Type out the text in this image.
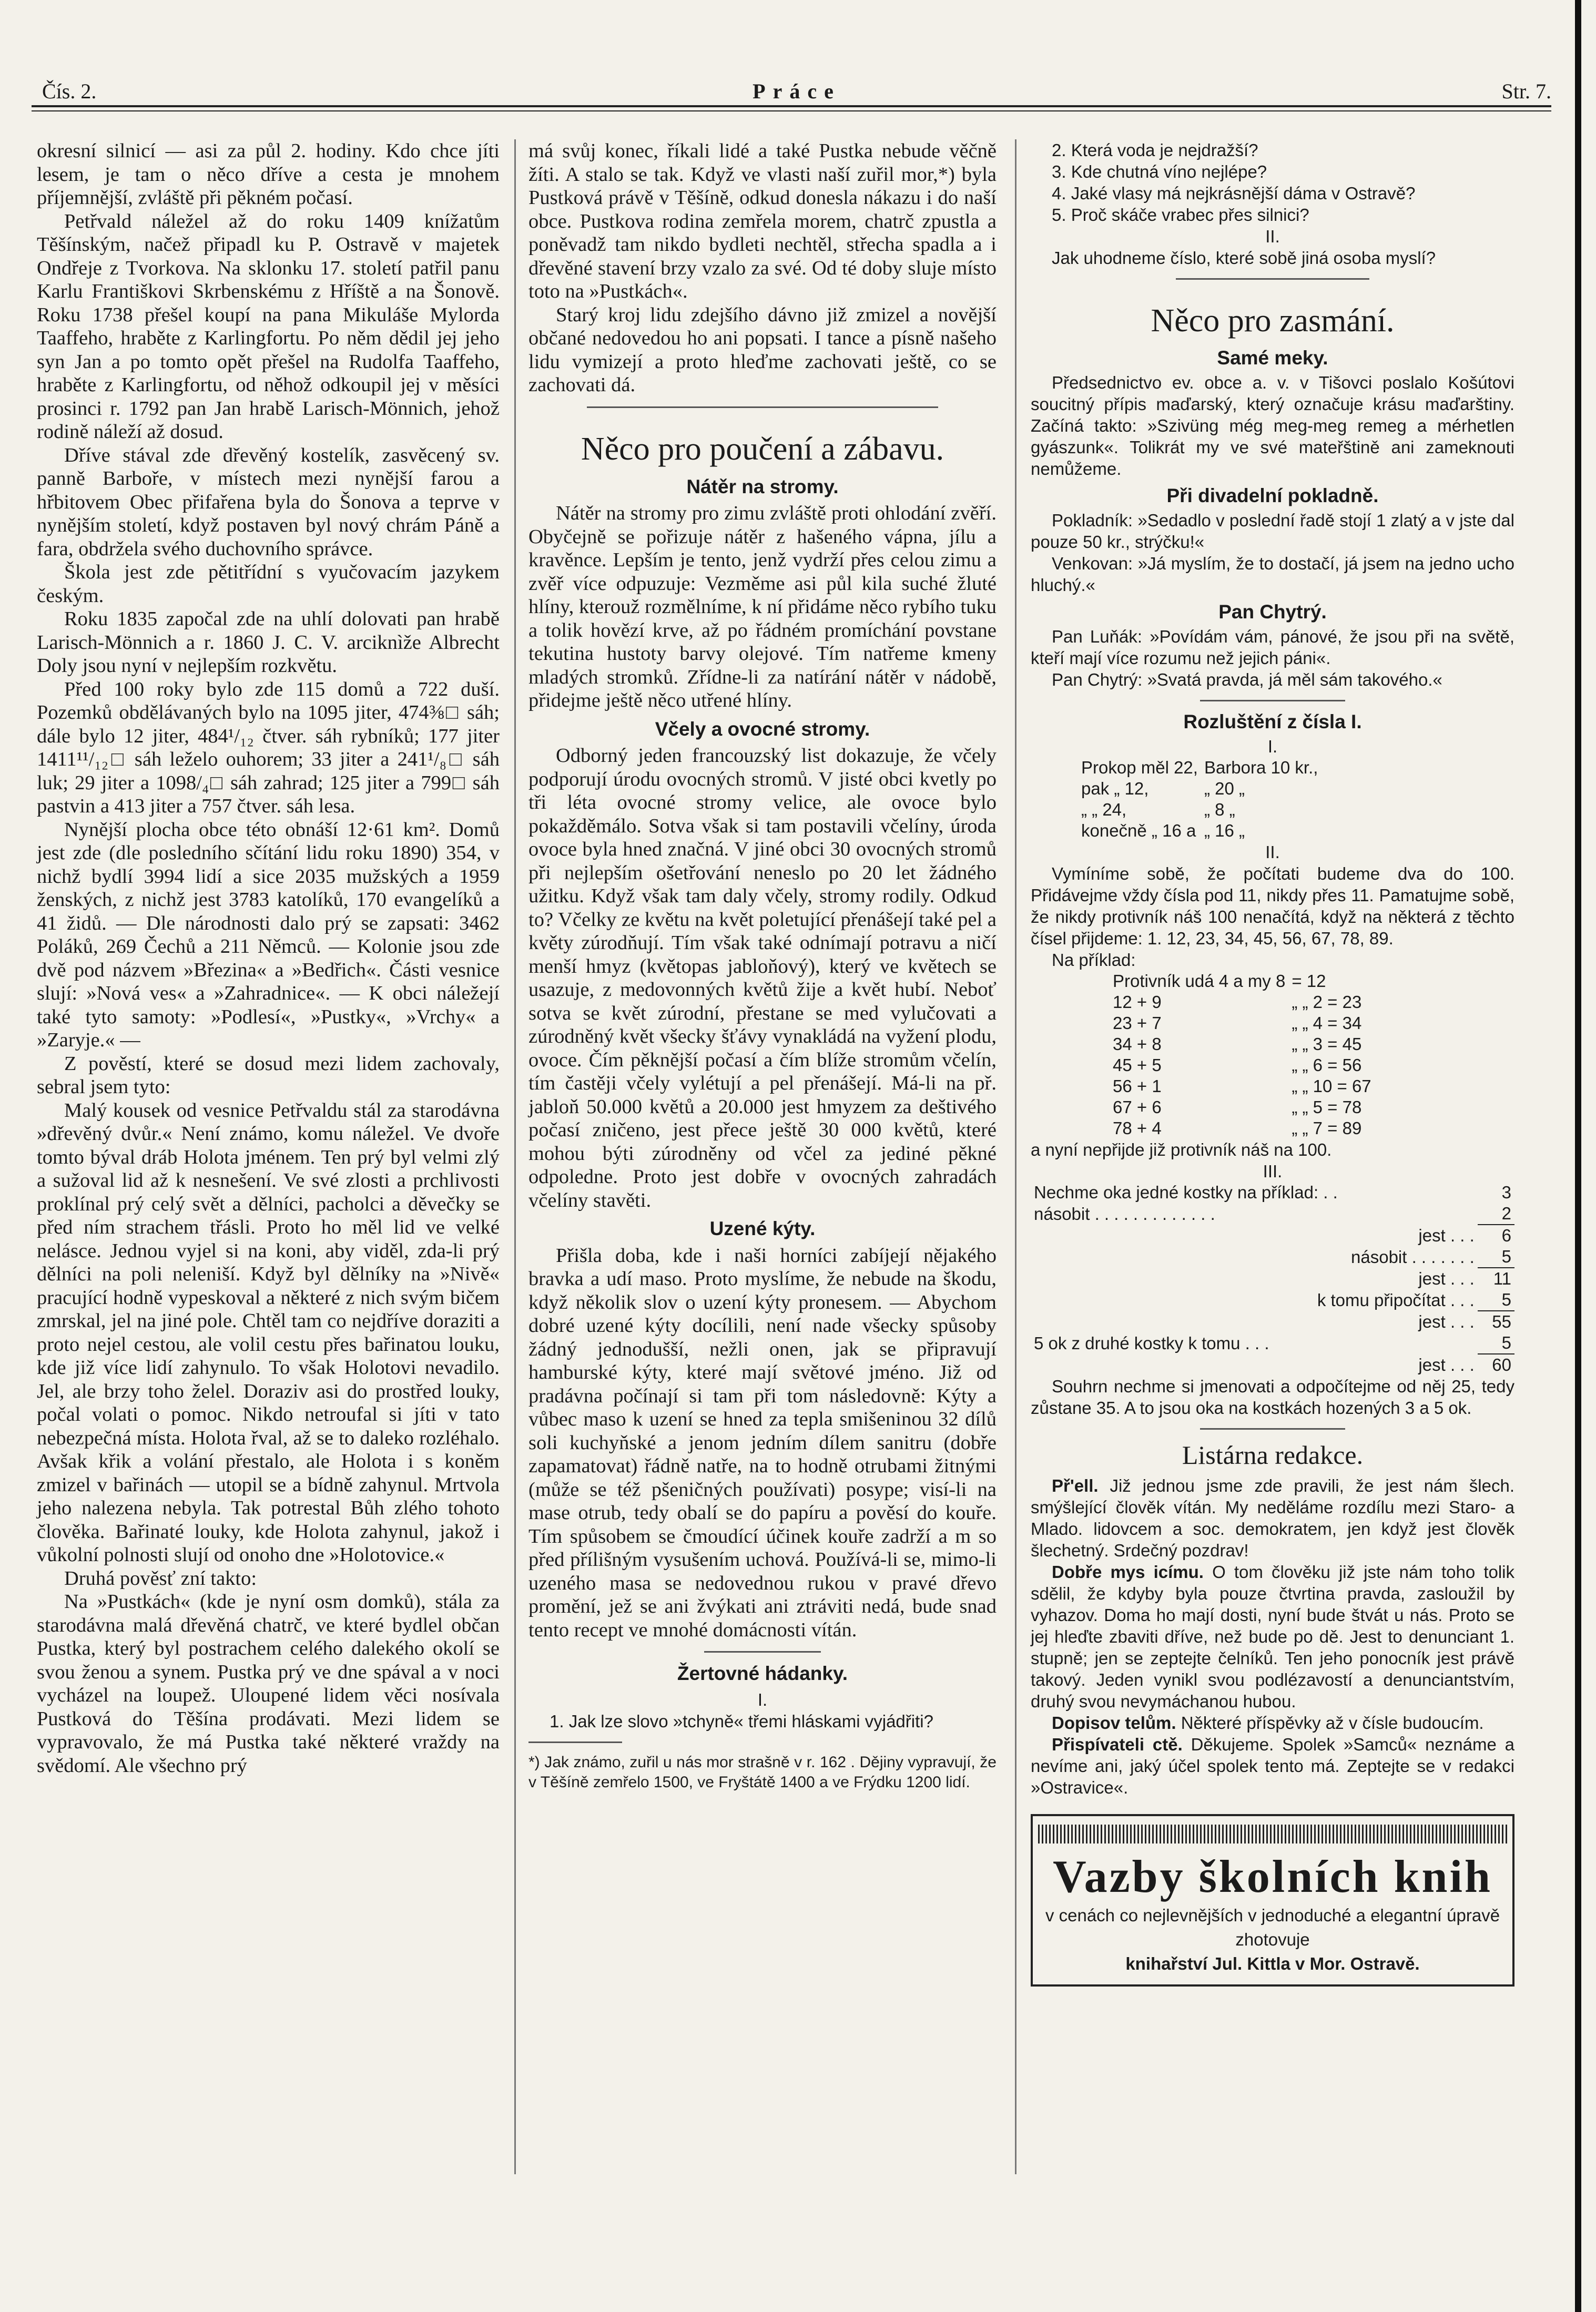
Čís. 2.	Práce	Str. 7.

okresní silnicí — asi za půl 2. hodiny. Kdo chce jíti lesem, je tam o něco dříve a cesta je mnohem příjemnější, zvláště při pěkném počasí.

Petřvald náležel až do roku 1409 knížatům Těšínským, načež připadl ku P. Ostravě v majetek Ondřeje z Tvorkova. Na sklonku 17. století patřil panu Karlu Františkovi Skrbenskému z Hříště a na Šonově. Roku 1738 přešel koupí na pana Mikuláše Mylorda Taaffeho, hraběte z Karlingfortu. Po něm dědil jej jeho syn Jan a po tomto opět přešel na Rudolfa Taaffeho, hraběte z Karlingfortu, od něhož odkoupil jej v měsíci prosinci r. 1792 pan Jan hrabě Larisch-Mönnich, jehož rodině náleží až dosud.

Dříve stával zde dřevěný kostelík, zasvěcený sv. panně Barboře, v místech mezi nynější farou a hřbitovem Obec přifařena byla do Šonova a teprve v nynějším století, když postaven byl nový chrám Páně a fara, obdržela svého duchovního správce.

Škola jest zde pětitřídní s vyučovacím jazykem českým.

Roku 1835 započal zde na uhlí dolovati pan hrabě Larisch-Mönnich a r. 1860 J. C. V. arciknìže Albrecht Doly jsou nyní v nejlepším rozkvětu.

Před 100 roky bylo zde 115 domů a 722 duší. Pozemků obdělávaných bylo na 1095 jiter, 474⅜□ sáh; dále bylo 12 jiter, 484¹/₁₂ čtver. sáh rybníků; 177 jiter 1411¹¹/₁₂□ sáh leželo ouhorem; 33 jiter a 241¹/₈□ sáh luk; 29 jiter a 1098/₄□ sáh zahrad; 125 jiter a 799□ sáh pastvin a 413 jiter a 757 čtver. sáh lesa.

Nynější plocha obce této obnáší 12·61 km². Domů jest zde (dle posledního sčítání lidu roku 1890) 354, v nichž bydlí 3994 lidí a sice 2035 mužských a 1959 ženských, z nichž jest 3783 katolíků, 170 evangelíků a 41 židů. — Dle národnosti dalo prý se zapsati: 3462 Poláků, 269 Čechů a 211 Němců. — Kolonie jsou zde dvě pod názvem »Březina« a »Bedřich«. Části vesnice slují: »Nová ves« a »Zahradnice«. — K obci náležejí také tyto samoty: »Podlesí«, »Pustky«, »Vrchy« a »Zaryje.« —

Z pověstí, které se dosud mezi lidem zachovaly, sebral jsem tyto:

Malý kousek od vesnice Petřvaldu stál za starodávna »dřevěný dvůr.« Není známo, komu náležel. Ve dvoře tomto býval dráb Holota jménem. Ten prý byl velmi zlý a sužoval lid až k nesnešení. Ve své zlosti a prchlivosti proklínal prý celý svět a dělníci, pacholci a děvečky se před ním strachem třásli. Proto ho měl lid ve velké nelásce. Jednou vyjel si na koni, aby viděl, zda-li prý dělníci na poli neleniší. Když byl dělníky na »Nivě« pracující hodně vypeskoval a některé z nich svým bičem zmrskal, jel na jiné pole. Chtěl tam co nejdříve doraziti a proto nejel cestou, ale volil cestu přes bařinatou louku, kde již více lidí zahynulo. To však Holotovi nevadilo. Jel, ale brzy toho želel. Doraziv asi do prostřed louky, počal volati o pomoc. Nikdo netroufal si jíti v tato nebezpečná místa. Holota řval, až se to daleko rozléhalo. Avšak křik a volání přestalo, ale Holota i s koněm zmizel v bařinách — utopil se a bídně zahynul. Mrtvola jeho nalezena nebyla. Tak potrestal Bůh zlého tohoto člověka. Bařinaté louky, kde Holota zahynul, jakož i vůkolní polnosti slují od onoho dne »Holotovice.«

Druhá pověsť zní takto:

Na »Pustkách« (kde je nyní osm domků), stála za starodávna malá dřevěná chatrč, ve které bydlel občan Pustka, který byl postrachem celého dalekého okolí se svou ženou a synem. Pustka prý ve dne spával a v noci vycházel na loupež. Uloupené lidem věci nosívala Pustková do Těšína prodávati. Mezi lidem se vypravovalo, že má Pustka také některé vraždy na svědomí. Ale všechno prý

má svůj konec, říkali lidé a také Pustka nebude věčně žíti. A stalo se tak. Když ve vlasti naší zuřil mor,*) byla Pustková právě v Těšíně, odkud donesla nákazu i do naší obce. Pustkova rodina zemřela morem, chatrč zpustla a poněvadž tam nikdo bydleti nechtěl, střecha spadla a i dřevěné stavení brzy vzalo za své. Od té doby sluje místo toto na »Pustkách«.

Starý kroj lidu zdejšího dávno již zmizel a novější občané nedovedou ho ani popsati. I tance a písně našeho lidu vymizejí a proto hleďme zachovati ještě, co se zachovati dá.

Něco pro poučení a zábavu.
Nátěr na stromy.

Nátěr na stromy pro zimu zvláště proti ohlodání zvěří. Obyčejně se pořizuje nátěr z hašeného vápna, jílu a kravěnce. Lepším je tento, jenž vydrží přes celou zimu a zvěř více odpuzuje: Vezměme asi půl kila suché žluté hlíny, kterouž rozmělníme, k ní přidáme něco rybího tuku a tolik hovězí krve, až po řádném promíchání povstane tekutina hustoty barvy olejové. Tím natřeme kmeny mladých stromků. Zřídne-li za natírání nátěr v nádobě, přidejme ještě něco utřené hlíny.

Včely a ovocné stromy.

Odborný jeden francouzský list dokazuje, že včely podporují úrodu ovocných stromů. V jisté obci kvetly po tři léta ovocné stromy velice, ale ovoce bylo pokažděmálo. Sotva však si tam postavili včelíny, úroda ovoce byla hned značná. V jiné obci 30 ovocných stromů při nejlepším ošetřování neneslo po 20 let žádného užitku. Když však tam daly včely, stromy rodily. Odkud to? Včelky ze květu na květ poletující přenášejí také pel a květy zúrodňují. Tím však také odnímají potravu a ničí menší hmyz (květopas jabloňový), který ve květech se usazuje, z medovonných květů žije a květ hubí. Neboť sotva se květ zúrodní, přestane se med vylučovati a zúrodněný květ všecky šťávy vynakládá na vyžení plodu, ovoce. Čím pěknější počasí a čím blíže stromům včelín, tím častěji včely vylétují a pel přenášejí. Má-li na př. jabloň 50.000 květů a 20.000 jest hmyzem za deštivého počasí zničeno, jest přece ještě 30 000 květů, které mohou býti zúrodněny od včel za jediné pěkné odpoledne. Proto jest dobře v ovocných zahradách včelíny stavěti.

Uzené kýty.

Přišla doba, kde i naši horníci zabíjejí nějakého bravka a udí maso. Proto myslíme, že nebude na škodu, když několik slov o uzení kýty pronesem. — Abychom dobré uzené kýty docílili, není nade všecky spůsoby žádný jednodušší, nežli onen, jak se připravují hamburské kýty, které mají světové jméno. Již od pradávna počínají si tam při tom následovně: Kýty a vůbec maso k uzení se hned za tepla smišeninou 32 dílů soli kuchyňské a jenom jedním dílem sanitru (dobře zapamatovat) řádně natře, na to hodně otrubami žitnými (může se též pšeničných používati) posype; visí-li na mase otrub, tedy obalí se do papíru a pověsí do kouře. Tím spůsobem se čmoudící účinek kouře zadrží a m so před přílišným vysušením uchová. Používá-li se, mimo-li uzeného masa se nedovednou rukou v pravé dřevo promění, jež se ani žvýkati ani ztráviti nedá, bude snad tento recept ve mnohé domácnosti vítán.

Žertovné hádanky.

I.

1. Jak lze slovo »tchyně« třemi hláskami vyjádřiti?

*) Jak známo, zuřil u nás mor strašně v r. 162 . Dějiny vypravují, že v Těšíně zemřelo 1500, ve Fryštátě 1400 a ve Frýdku 1200 lidí.

2. Která voda je nejdražší?

3. Kde chutná víno nejlépe?

4. Jaké vlasy má nejkrásnější dáma v Ostravě?

5. Proč skáče vrabec přes silnici?

II.

Jak uhodneme číslo, které sobě jiná osoba myslí?

Něco pro zasmání.
Samé meky.

Předsednictvo ev. obce a. v. v Tišovci poslalo Košútovi soucitný přípis maďarský, který označuje krásu maďarštiny. Začíná takto: »Szivüng még meg-meg remeg a mérhetlen gyászunk«. Tolikrát my ve své mateřštině ani zameknouti nemůžeme.

Při divadelní pokladně.

Pokladník: »Sedadlo v poslední řadě stojí 1 zlatý a v jste dal pouze 50 kr., strýčku!«

Venkovan: »Já myslím, že to dostačí, já jsem na jedno ucho hluchý.«

Pan Chytrý.

Pan Luňák: »Povídám vám, pánové, že jsou při na světě, kteří mají více rozumu než jejich páni«.

Pan Chytrý: »Svatá pravda, já měl sám takového.«

Rozluštění z čísla I.

I.

Prokop měl 22,	Barbora 10 kr.,
pak „ 12,	„ 20 „
„ „ 24,	„ 8 „
konečně „ 16 a	„ 16 „

II.

Vymíníme sobě, že počítati budeme dva do 100. Přidávejme vždy čísla pod 11, nikdy přes 11. Pamatujme sobě, že nikdy protivník náš 100 nenačítá, když na některá z těchto čísel přijdeme: 1. 12, 23, 34, 45, 56, 67, 78, 89.

Na příklad:

Protivník udá 4 a my 8	= 12
12 + 9	„ „ 2 = 23
23 + 7	„ „ 4 = 34
34 + 8	„ „ 3 = 45
45 + 5	„ „ 6 = 56
56 + 1	„ „ 10 = 67
67 + 6	„ „ 5 = 78
78 + 4	„ „ 7 = 89

a nyní nepřijde již protivník náš na 100.

III.

Nechme oka jedné kostky na příklad: . .	3
násobit . . . . . . . . . . . . .	2
jest . . .	6
násobit . . . . . . .	5
jest . . .	11
k tomu připočítat . . .	5
jest . . .	55
5 ok z druhé kostky k tomu . . .	5
jest . . .	60

Souhrn nechme si jmenovati a odpočítejme od něj 25, tedy zůstane 35. A to jsou oka na kostkách hozených 3 a 5 ok.

Listárna redakce.

Př'ell. Již jednou jsme zde pravili, že jest nám šlech. smýšlející člověk vítán. My neděláme rozdílu mezi Staro- a Mlado. lidovcem a soc. demokratem, jen když jest člověk šlechetný. Srdečný pozdrav!

Dobře mys icímu. O tom člověku již jste nám toho tolik sdělil, že kdyby byla pouze čtvrtina pravda, zasloužil by vyhazov. Doma ho mají dosti, nyní bude štvát u nás. Proto se jej hleďte zbaviti dříve, než bude po dě. Jest to denunciant 1. stupně; jen se zeptejte čelníků. Ten jeho ponocník jest právě takový. Jeden vynikl svou podlézavostí a denunciantstvím, druhý svou nevymáchanou hubou.

Dopisov telům. Některé příspěvky až v čísle budoucím.

Přispívateli ctě. Děkujeme. Spolek »Samců« neznáme a nevíme ani, jaký účel spolek tento má. Zeptejte se v redakci »Ostravice«.

Vazby školních knih
v cenách co nejlevnějších v jednoduché a elegantní úpravě zhotovuje
knihařství Jul. Kittla v Mor. Ostravě.
